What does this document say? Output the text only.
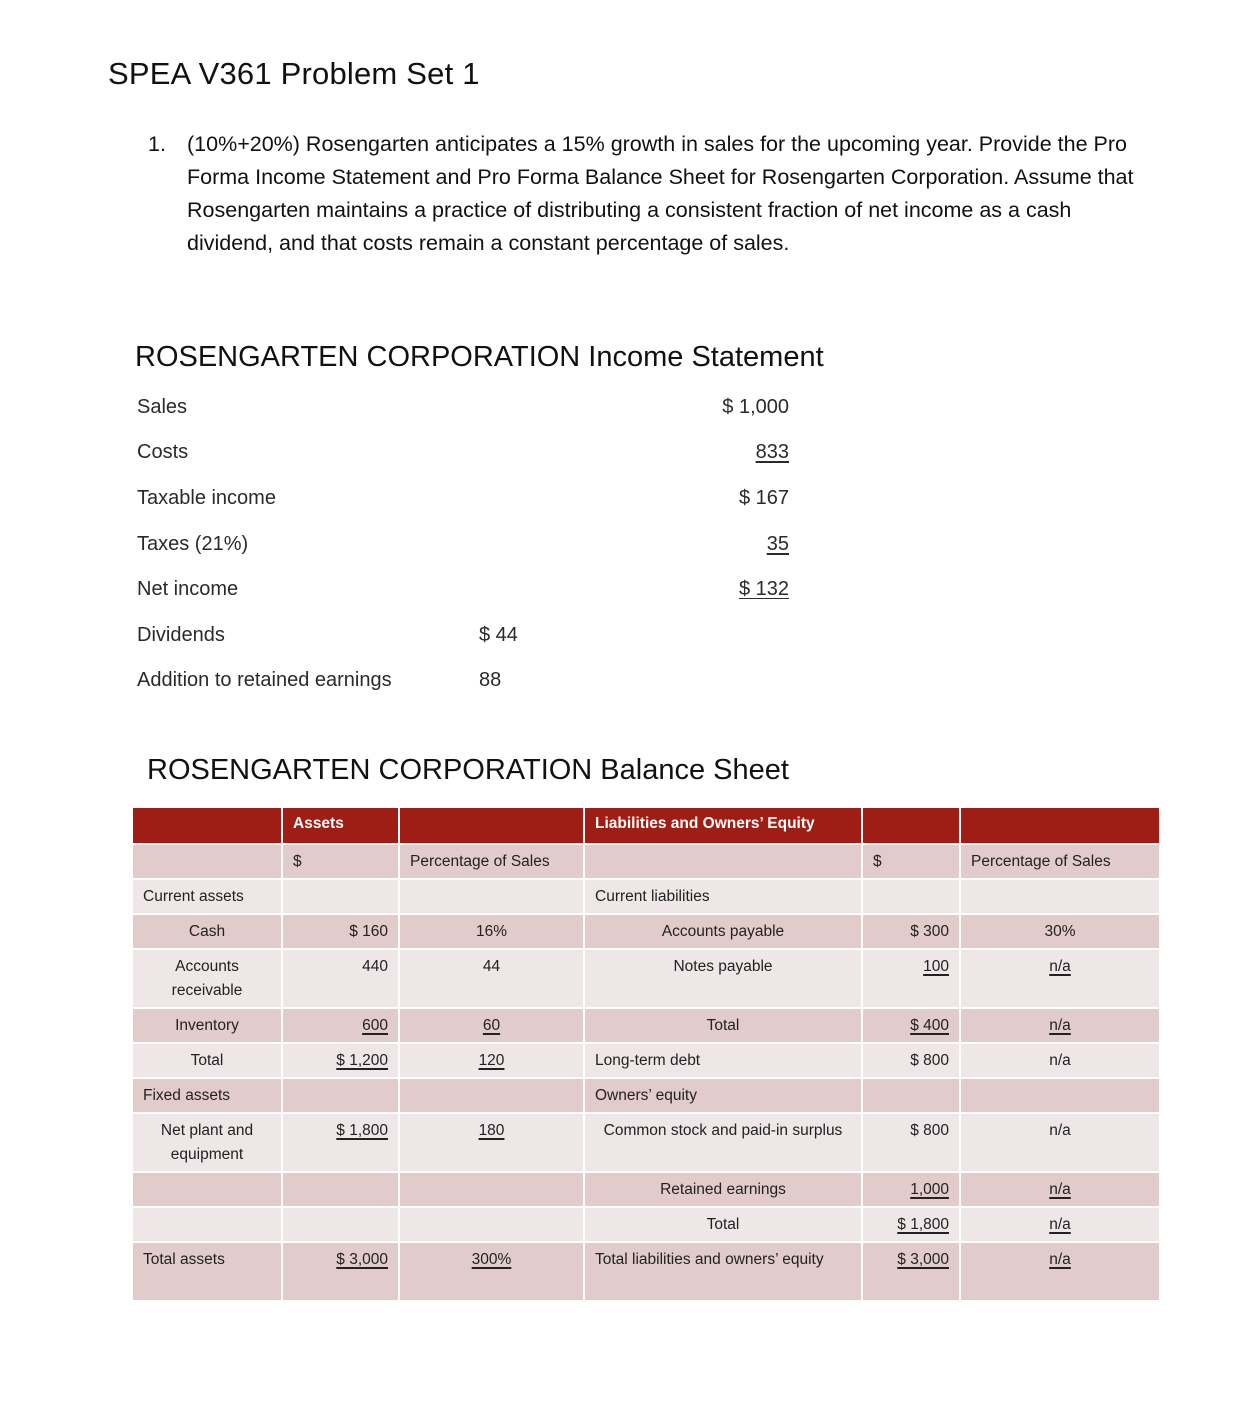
SPEA V361 Problem Set 1
1. (10%+20%) Rosengarten anticipates a 15% growth in sales for the upcoming year. Provide the Pro Forma Income Statement and Pro Forma Balance Sheet for Rosengarten Corporation. Assume that Rosengarten maintains a practice of distributing a consistent fraction of net income as a cash dividend, and that costs remain a constant percentage of sales.
ROSENGARTEN CORPORATION Income Statement
Sales	$ 1,000
Costs	833
Taxable income	$ 167
Taxes (21%)	35
Net income	$ 132
Dividends	$ 44
Addition to retained earnings	88
ROSENGARTEN CORPORATION Balance Sheet
	Assets		Liabilities and Owners’ Equity		
	$	Percentage of Sales		$	Percentage of Sales
Current assets			Current liabilities		
Cash	$ 160	16%	Accounts payable	$ 300	30%
Accounts receivable	440	44	Notes payable	100	n/a
Inventory	600	60	Total	$ 400	n/a
Total	$ 1,200	120	Long-term debt	$ 800	n/a
Fixed assets			Owners’ equity		
Net plant and equipment	$ 1,800	180	Common stock and paid-in surplus	$ 800	n/a
			Retained earnings	1,000	n/a
			Total	$ 1,800	n/a
Total assets	$ 3,000	300%	Total liabilities and owners’ equity	$ 3,000	n/a
